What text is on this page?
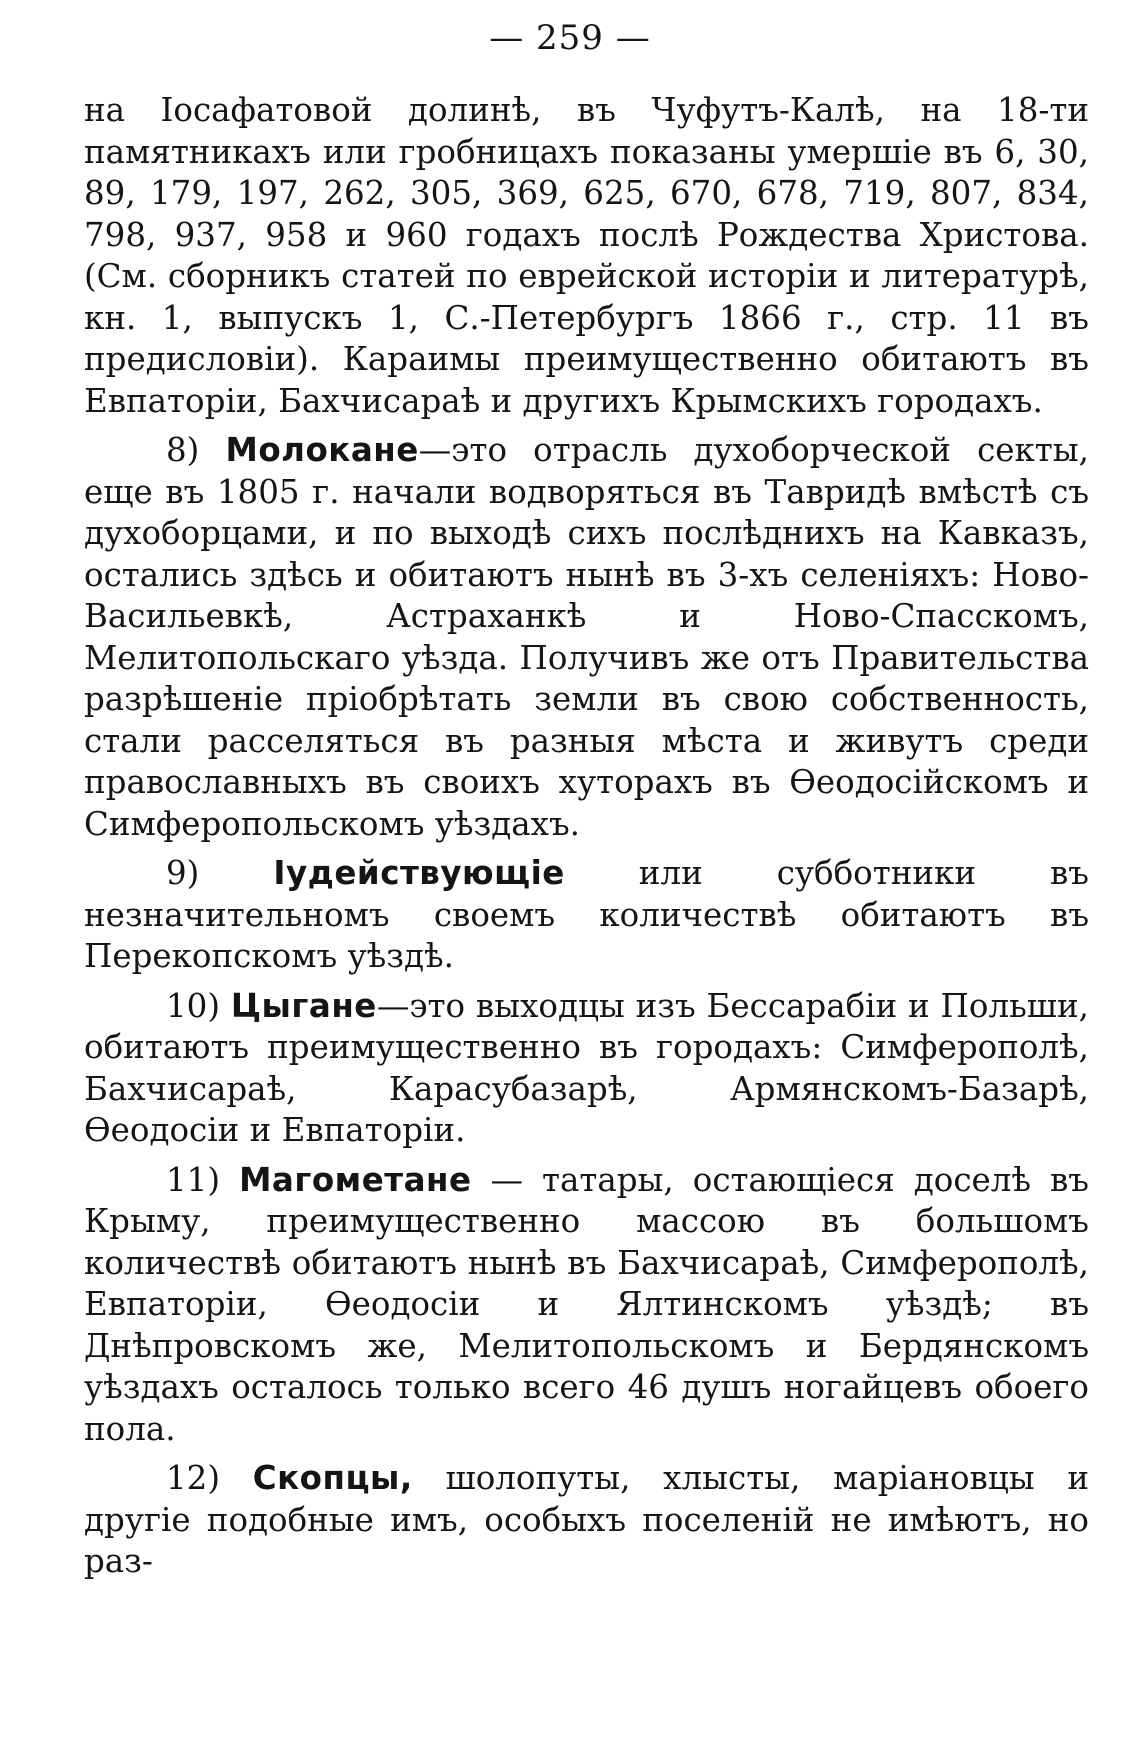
— 259 —

на Іосафатовой долинѣ, въ Чуфутъ-Калѣ, на 18-ти памятникахъ или гробницахъ показаны умершіе въ 6, 30, 89, 179, 197, 262, 305, 369, 625, 670, 678, 719, 807, 834, 798, 937, 958 и 960 годахъ послѣ Рождества Христова. (См. сборникъ статей по еврейской исторіи и литературѣ, кн. 1, выпускъ 1, С.-Петербургъ 1866 г., стр. 11 въ предисловіи). Караимы преимущественно обитаютъ въ Евпаторіи, Бахчисараѣ и другихъ Крымскихъ городахъ.

8) Молокане—это отрасль духоборческой секты, еще въ 1805 г. начали водворяться въ Тавридѣ вмѣстѣ съ духоборцами, и по выходѣ сихъ послѣднихъ на Кавказъ, остались здѣсь и обитаютъ нынѣ въ 3-хъ селеніяхъ: Ново-Васильевкѣ, Астраханкѣ и Ново-Спасскомъ, Мелитопольскаго уѣзда. Получивъ же отъ Правительства разрѣшеніе пріобрѣтать земли въ свою собственность, стали расселяться въ разныя мѣста и живутъ среди православныхъ въ своихъ хуторахъ въ Ѳеодосійскомъ и Симферопольскомъ уѣздахъ.

9) Іудействующіе или субботники въ незначительномъ своемъ количествѣ обитаютъ въ Перекопскомъ уѣздѣ.

10) Цыгане—это выходцы изъ Бессарабіи и Польши, обитаютъ преимущественно въ городахъ: Симферополѣ, Бахчисараѣ, Карасубазарѣ, Армянскомъ-Базарѣ, Ѳеодосіи и Евпаторіи.

11) Магометане — татары, остающіеся доселѣ въ Крыму, преимущественно массою въ большомъ количествѣ обитаютъ нынѣ въ Бахчисараѣ, Симферополѣ, Евпаторіи, Ѳеодосіи и Ялтинскомъ уѣздѣ; въ Днѣпровскомъ же, Мелитопольскомъ и Бердянскомъ уѣздахъ осталось только всего 46 душъ ногайцевъ обоего пола.

12) Скопцы, шолопуты, хлысты, маріановцы и другіе подобные имъ, особыхъ поселеній не имѣютъ, но раз-
